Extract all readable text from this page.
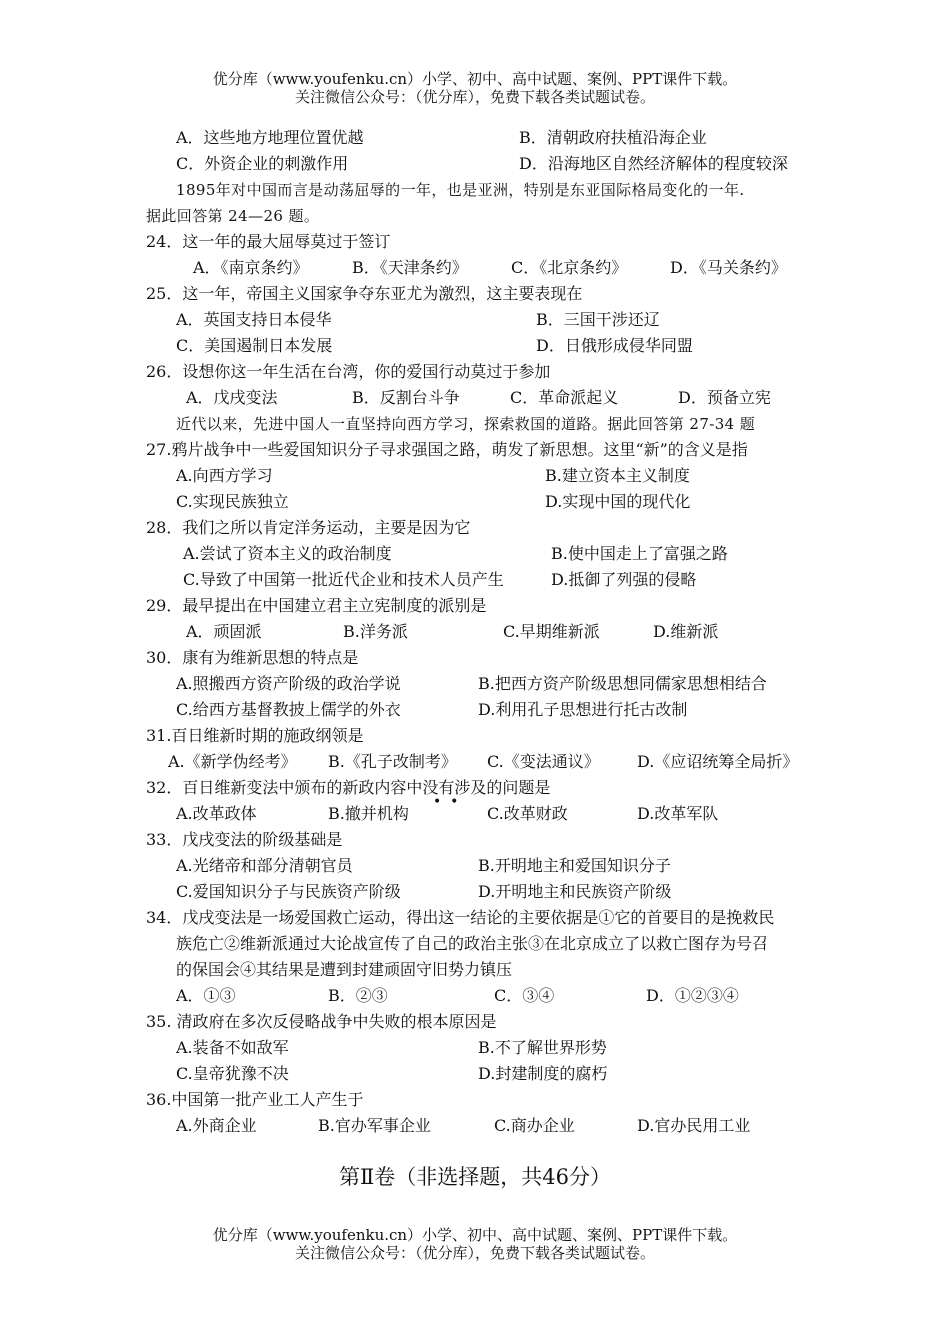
优分库（www.youfenku.cn）小学、初中、高中试题、案例、PPT课件下载。
关注微信公众号：（优分库），免费下载各类试题试卷。
A．这些地方地理位置优越	B．清朝政府扶植沿海企业
C．外资企业的刺激作用	D．沿海地区自然经济解体的程度较深
1895年对中国而言是动荡屈辱的一年，也是亚洲，特别是东亚国际格局变化的一年.
据此回答第 24—26 题。
24．这一年的最大屈辱莫过于签订
A．《南京条约》	B．《天津条约》	C．《北京条约》	D．《马关条约》
25．这一年，帝国主义国家争夺东亚尤为激烈，这主要表现在
A．英国支持日本侵华	B．三国干涉还辽
C．美国遏制日本发展	D．日俄形成侵华同盟
26．设想你这一年生活在台湾，你的爱国行动莫过于参加
A．戊戌变法	B．反割台斗争	C．革命派起义	D．预备立宪
近代以来，先进中国人一直坚持向西方学习，探索救国的道路。据此回答第 27-34 题
27.鸦片战争中一些爱国知识分子寻求强国之路，萌发了新思想。这里“新”的含义是指
A.向西方学习	B.建立资本主义制度
C.实现民族独立	D.实现中国的现代化
28．我们之所以肯定洋务运动，主要是因为它
A.尝试了资本主义的政治制度	B.使中国走上了富强之路
C.导致了中国第一批近代企业和技术人员产生	D.抵御了列强的侵略
29．最早提出在中国建立君主立宪制度的派别是
A．顽固派	B.洋务派	C.早期维新派	D.维新派
30．康有为维新思想的特点是
A.照搬西方资产阶级的政治学说	B.把西方资产阶级思想同儒家思想相结合
C.给西方基督教披上儒学的外衣	D.利用孔子思想进行托古改制
31.百日维新时期的施政纲领是
A.《新学伪经考》 B.《孔子改制考》 C.《变法通议》 D.《应诏统筹全局折》
32．百日维新变法中颁布的新政内容中没有涉及的问题是
•  •
A.改革政体	B.撤并机构	C.改革财政	D.改革军队
33．戊戌变法的阶级基础是
A.光绪帝和部分清朝官员	B.开明地主和爱国知识分子
C.爱国知识分子与民族资产阶级	D.开明地主和民族资产阶级
34．戊戌变法是一场爱国救亡运动，得出这一结论的主要依据是①它的首要目的是挽救民
族危亡②维新派通过大论战宣传了自己的政治主张③在北京成立了以救亡图存为号召
的保国会④其结果是遭到封建顽固守旧势力镇压
A．①③	B．②③	C．③④	D．①②③④
35. 清政府在多次反侵略战争中失败的根本原因是
A.装备不如敌军	B.不了解世界形势
C.皇帝犹豫不决	D.封建制度的腐朽
36.中国第一批产业工人产生于
A.外商企业	B.官办军事企业	C.商办企业	D.官办民用工业
第Ⅱ卷（非选择题，共46分）
优分库（www.youfenku.cn）小学、初中、高中试题、案例、PPT课件下载。
关注微信公众号：（优分库），免费下载各类试题试卷。
